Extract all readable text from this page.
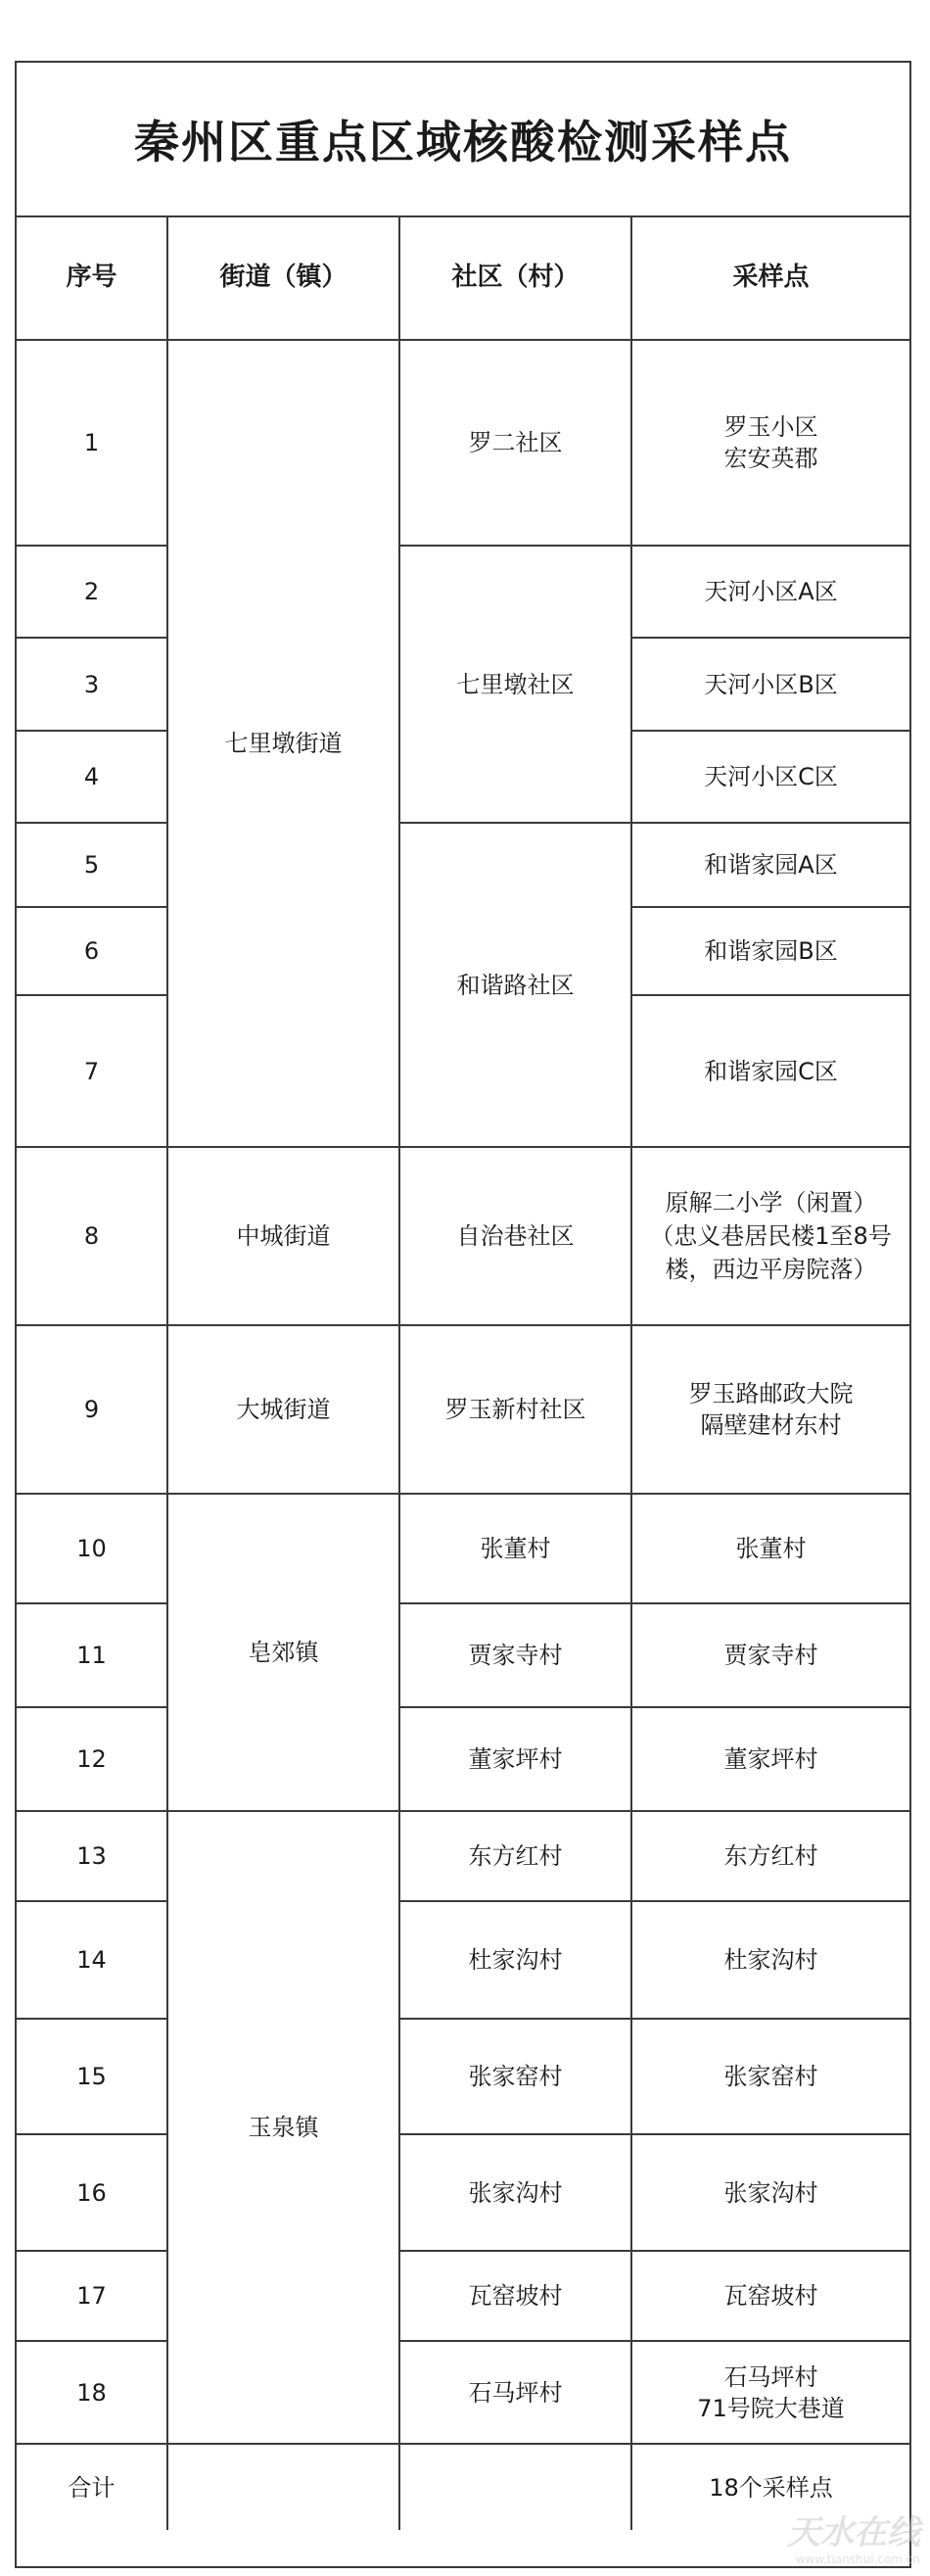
秦州区重点区域核酸检测采样点
序号	街道（镇）	社区（村）	采样点
1	七里墩街道	罗二社区	罗玉小区
宏安英郡
2		七里墩社区	天河小区A区
3			天河小区B区
4			天河小区C区
5		和谐路社区	和谐家园A区
6			和谐家园B区
7			和谐家园C区
8	中城街道	自治巷社区	原解二小学（闲置）
（忠义巷居民楼1至8号
楼，西边平房院落）
9	大城街道	罗玉新村社区	罗玉路邮政大院
隔壁建材东村
10	皂郊镇	张董村	张董村
11		贾家寺村	贾家寺村
12		董家坪村	董家坪村
13	玉泉镇	东方红村	东方红村
14		杜家沟村	杜家沟村
15		张家窑村	张家窑村
16		张家沟村	张家沟村
17		瓦窑坡村	瓦窑坡村
18		石马坪村	石马坪村
71号院大巷道
合计			18个采样点
天水在线
www.tianshui.com.cn
